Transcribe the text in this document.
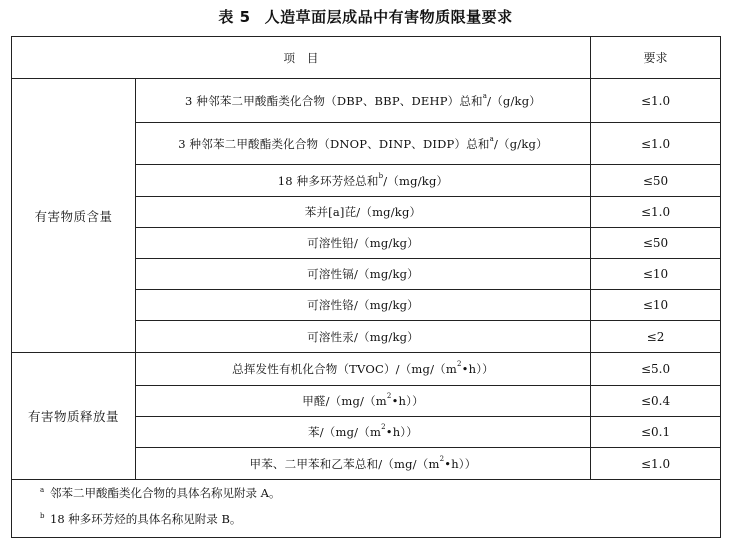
表 5 人造草面层成品中有害物质限量要求
项　目		要求
有害物质含量	3 种邻苯二甲酸酯类化合物（DBP、BBP、DEHP）总和$^a$/（g/kg）	≤1.0
	3 种邻苯二甲酸酯类化合物（DNOP、DINP、DIDP）总和$^a$/（g/kg）	≤1.0
	18 种多环芳烃总和$^b$/（mg/kg）	≤50
	苯并[a]芘/（mg/kg）	≤1.0
	可溶性铅/（mg/kg）	≤50
	可溶性镉/（mg/kg）	≤10
	可溶性铬/（mg/kg）	≤10
	可溶性汞/（mg/kg）	≤2
有害物质释放量	总挥发性有机化合物$(TVOC)/(mg/(m^2•h))$	≤5.0
	甲醛$/(mg/(m^2•h))$	≤0.4
	苯$/(mg/(m^2•h))$	≤0.1
	甲苯、二甲苯和乙苯总和$/(mg/(m^2•h))$	≤1.0

a 邻苯二甲酸酯类化合物的具体名称见附录 A。
b 18 种多环芳烃的具体名称见附录 B。		
